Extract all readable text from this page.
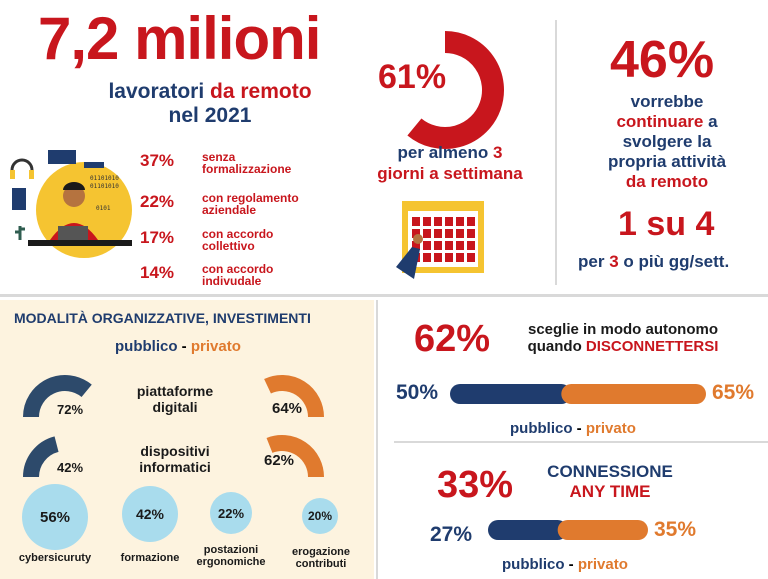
7,2 milioni
lavoratori da remoto
nel 2021
01101010
01101010
0101
37% senza
formalizzazione
22% con regolamento
aziendale
17% con accordo
collettivo
14% con accordo
indivudale
61%
per almeno 3
giorni a settimana
46%
vorrebbe
continuare a
svolgere la
propria attività
da remoto
1 su 4
per 3 o più gg/sett.
MODALITÀ ORGANIZZATIVE, INVESTIMENTI
pubblico - privato
72%	64%
piattaforme
digitali
42%	62%
dispositivi
informatici
56%	42%	22%	20%
cybersicuruty	formazione
postazioni
ergonomiche
erogazione
contributi
62%	sceglie in modo autonomo
quando DISCONNETTERSI
50%	65%
pubblico - privato
33%	CONNESSIONE
ANY TIME
27%	35%
pubblico - privato
